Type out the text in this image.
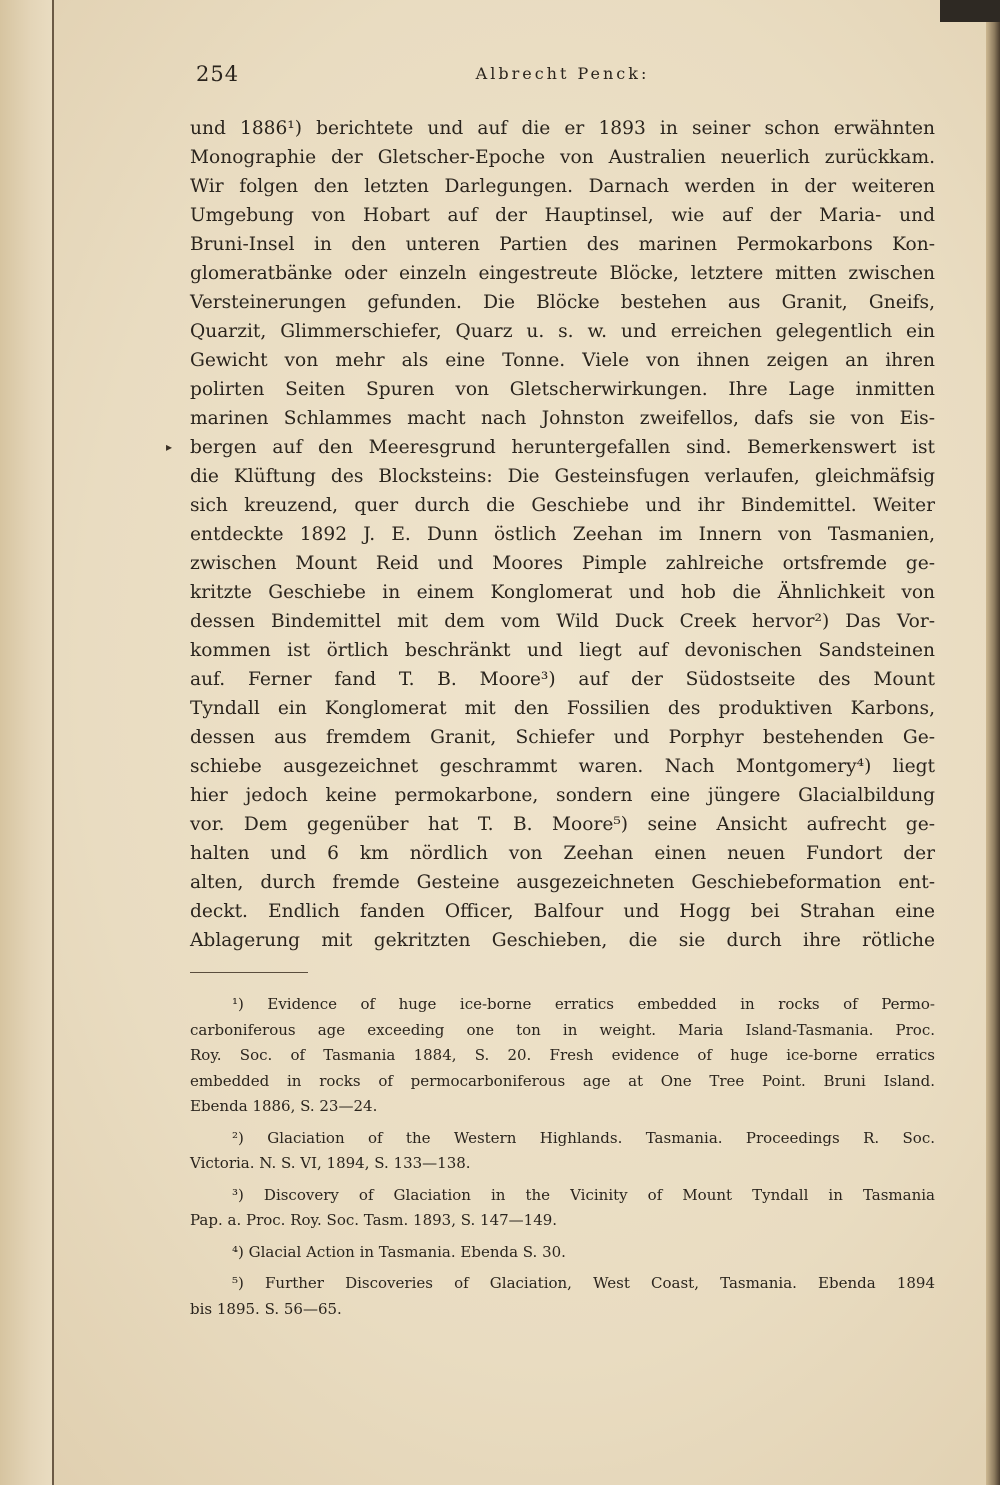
254	Albrecht Penck:
▸
und 1886¹) berichtete und auf die er 1893 in seiner schon erwähnten
Monographie der Gletscher-Epoche von Australien neuerlich zurückkam.
Wir folgen den letzten Darlegungen. Darnach werden in der weiteren
Umgebung von Hobart auf der Hauptinsel, wie auf der Maria- und
Bruni-Insel in den unteren Partien des marinen Permokarbons Kon-
glomeratbänke oder einzeln eingestreute Blöcke, letztere mitten zwischen
Versteinerungen gefunden. Die Blöcke bestehen aus Granit, Gneifs,
Quarzit, Glimmerschiefer, Quarz u. s. w. und erreichen gelegentlich ein
Gewicht von mehr als eine Tonne. Viele von ihnen zeigen an ihren
polirten Seiten Spuren von Gletscherwirkungen. Ihre Lage inmitten
marinen Schlammes macht nach Johnston zweifellos, dafs sie von Eis-
bergen auf den Meeresgrund heruntergefallen sind. Bemerkenswert ist
die Klüftung des Blocksteins: Die Gesteinsfugen verlaufen, gleichmäfsig
sich kreuzend, quer durch die Geschiebe und ihr Bindemittel. Weiter
entdeckte 1892 J. E. Dunn östlich Zeehan im Innern von Tasmanien,
zwischen Mount Reid und Moores Pimple zahlreiche ortsfremde ge-
kritzte Geschiebe in einem Konglomerat und hob die Ähnlichkeit von
dessen Bindemittel mit dem vom Wild Duck Creek hervor²) Das Vor-
kommen ist örtlich beschränkt und liegt auf devonischen Sandsteinen
auf. Ferner fand T. B. Moore³) auf der Südostseite des Mount
Tyndall ein Konglomerat mit den Fossilien des produktiven Karbons,
dessen aus fremdem Granit, Schiefer und Porphyr bestehenden Ge-
schiebe ausgezeichnet geschrammt waren. Nach Montgomery⁴) liegt
hier jedoch keine permokarbone, sondern eine jüngere Glacialbildung
vor. Dem gegenüber hat T. B. Moore⁵) seine Ansicht aufrecht ge-
halten und 6 km nördlich von Zeehan einen neuen Fundort der
alten, durch fremde Gesteine ausgezeichneten Geschiebeformation ent-
deckt. Endlich fanden Officer, Balfour und Hogg bei Strahan eine
Ablagerung mit gekritzten Geschieben, die sie durch ihre rötliche
¹) Evidence of huge ice-borne erratics embedded in rocks of Permo-
carboniferous age exceeding one ton in weight. Maria Island-Tasmania. Proc.
Roy. Soc. of Tasmania 1884, S. 20. Fresh evidence of huge ice-borne erratics
embedded in rocks of permocarboniferous age at One Tree Point. Bruni Island.
Ebenda 1886, S. 23—24.
²) Glaciation of the Western Highlands. Tasmania. Proceedings R. Soc.
Victoria. N. S. VI, 1894, S. 133—138.
³) Discovery of Glaciation in the Vicinity of Mount Tyndall in Tasmania
Pap. a. Proc. Roy. Soc. Tasm. 1893, S. 147—149.
⁴) Glacial Action in Tasmania. Ebenda S. 30.
⁵) Further Discoveries of Glaciation, West Coast, Tasmania. Ebenda 1894
bis 1895. S. 56—65.
